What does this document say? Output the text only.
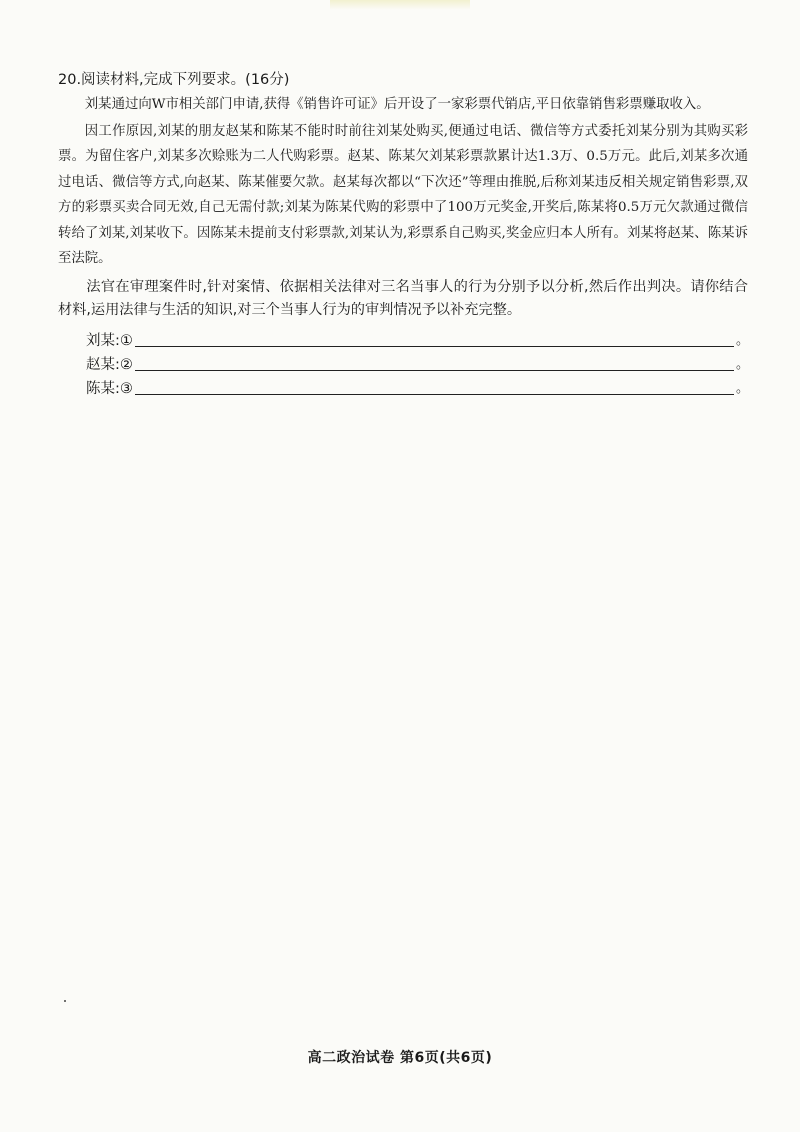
20.阅读材料,完成下列要求。(16分)

刘某通过向W市相关部门申请,获得《销售许可证》后开设了一家彩票代销店,平日依靠销售彩票赚取收入。

因工作原因,刘某的朋友赵某和陈某不能时时前往刘某处购买,便通过电话、微信等方式委托刘某分别为其购买彩票。为留住客户,刘某多次赊账为二人代购彩票。赵某、陈某欠刘某彩票款累计达1.3万、0.5万元。此后,刘某多次通过电话、微信等方式,向赵某、陈某催要欠款。赵某每次都以“下次还”等理由推脱,后称刘某违反相关规定销售彩票,双方的彩票买卖合同无效,自己无需付款;刘某为陈某代购的彩票中了100万元奖金,开奖后,陈某将0.5万元欠款通过微信转给了刘某,刘某收下。因陈某未提前支付彩票款,刘某认为,彩票系自己购买,奖金应归本人所有。刘某将赵某、陈某诉至法院。

法官在审理案件时,针对案情、依据相关法律对三名当事人的行为分别予以分析,然后作出判决。请你结合材料,运用法律与生活的知识,对三个当事人行为的审判情况予以补充完整。

刘某:①	。
赵某:②	。
陈某:③	。
高二政治试卷 第6页(共6页)
